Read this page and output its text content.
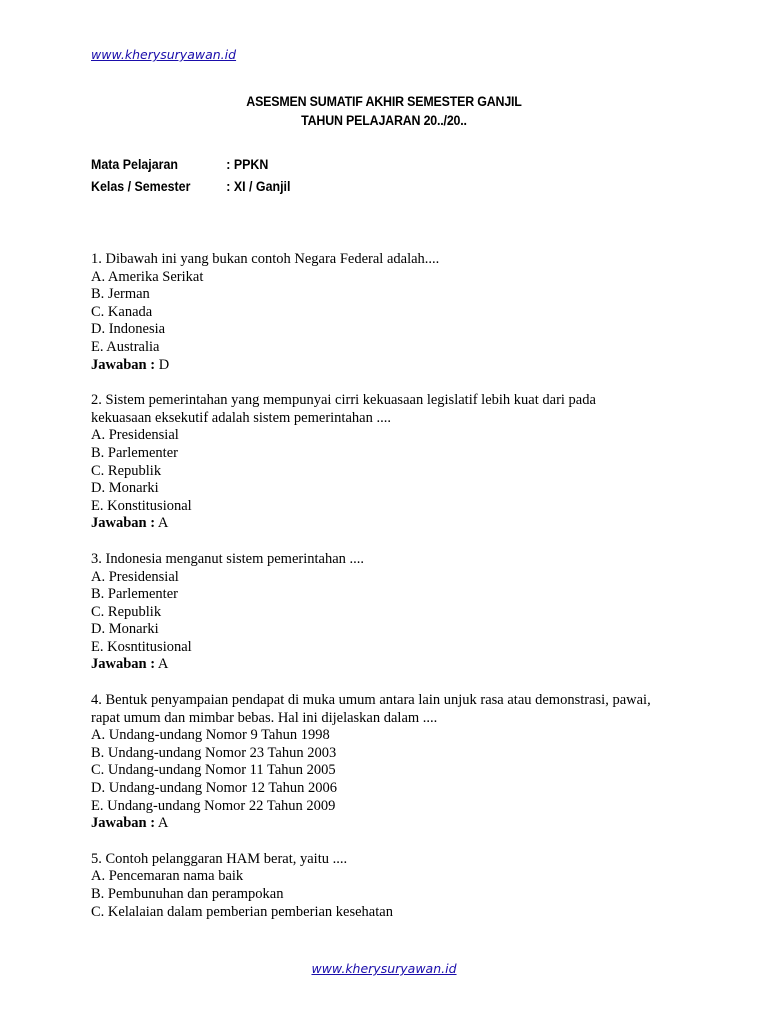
www.kherysuryawan.id
ASESMEN SUMATIF AKHIR SEMESTER GANJIL
TAHUN PELAJARAN 20../20..
Mata Pelajaran	: PPKN
Kelas / Semester	: XI / Ganjil
1. Dibawah ini yang bukan contoh Negara Federal adalah....
A. Amerika Serikat
B. Jerman
C. Kanada
D. Indonesia
E. Australia
Jawaban : D
2. Sistem pemerintahan yang mempunyai cirri kekuasaan legislatif lebih kuat dari pada
kekuasaan eksekutif adalah sistem pemerintahan ....
A. Presidensial
B. Parlementer
C. Republik
D. Monarki
E. Konstitusional
Jawaban : A
3. Indonesia menganut sistem pemerintahan ....
A. Presidensial
B. Parlementer
C. Republik
D. Monarki
E. Kosntitusional
Jawaban : A
4. Bentuk penyampaian pendapat di muka umum antara lain unjuk rasa atau demonstrasi, pawai,
rapat umum dan mimbar bebas. Hal ini dijelaskan dalam ....
A. Undang-undang Nomor 9 Tahun 1998
B. Undang-undang Nomor 23 Tahun 2003
C. Undang-undang Nomor 11 Tahun 2005
D. Undang-undang Nomor 12 Tahun 2006
E. Undang-undang Nomor 22 Tahun 2009
Jawaban : A
5. Contoh pelanggaran HAM berat, yaitu ....
A. Pencemaran nama baik
B. Pembunuhan dan perampokan
C. Kelalaian dalam pemberian pemberian kesehatan
www.kherysuryawan.id
